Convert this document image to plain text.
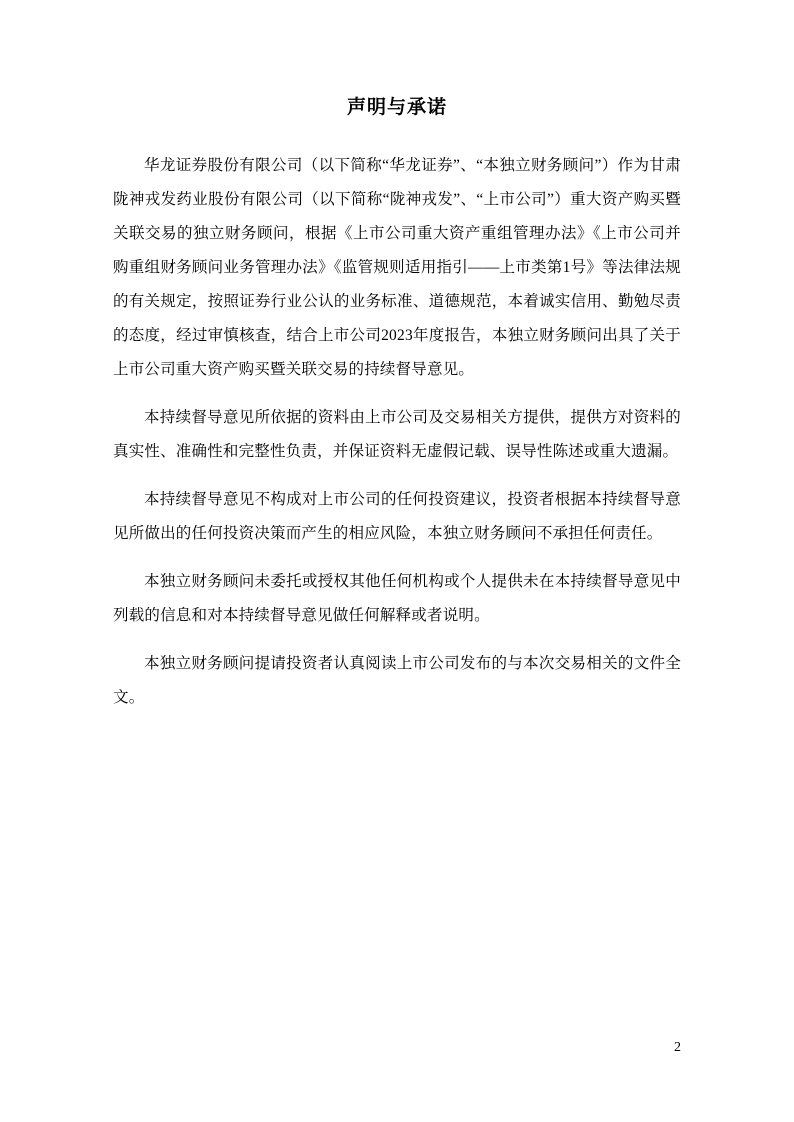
声明与承诺

华龙证券股份有限公司（以下简称“华龙证券”、“本独立财务顾问”）作为甘肃陇神戎发药业股份有限公司（以下简称“陇神戎发”、“上市公司”）重大资产购买暨关联交易的独立财务顾问，根据《上市公司重大资产重组管理办法》《上市公司并购重组财务顾问业务管理办法》《监管规则适用指引——上市类第1号》等法律法规的有关规定，按照证券行业公认的业务标准、道德规范，本着诚实信用、勤勉尽责的态度，经过审慎核查，结合上市公司2023年度报告，本独立财务顾问出具了关于上市公司重大资产购买暨关联交易的持续督导意见。

本持续督导意见所依据的资料由上市公司及交易相关方提供，提供方对资料的真实性、准确性和完整性负责，并保证资料无虚假记载、误导性陈述或重大遗漏。

本持续督导意见不构成对上市公司的任何投资建议，投资者根据本持续督导意见所做出的任何投资决策而产生的相应风险，本独立财务顾问不承担任何责任。

本独立财务顾问未委托或授权其他任何机构或个人提供未在本持续督导意见中列载的信息和对本持续督导意见做任何解释或者说明。

本独立财务顾问提请投资者认真阅读上市公司发布的与本次交易相关的文件全文。

2
